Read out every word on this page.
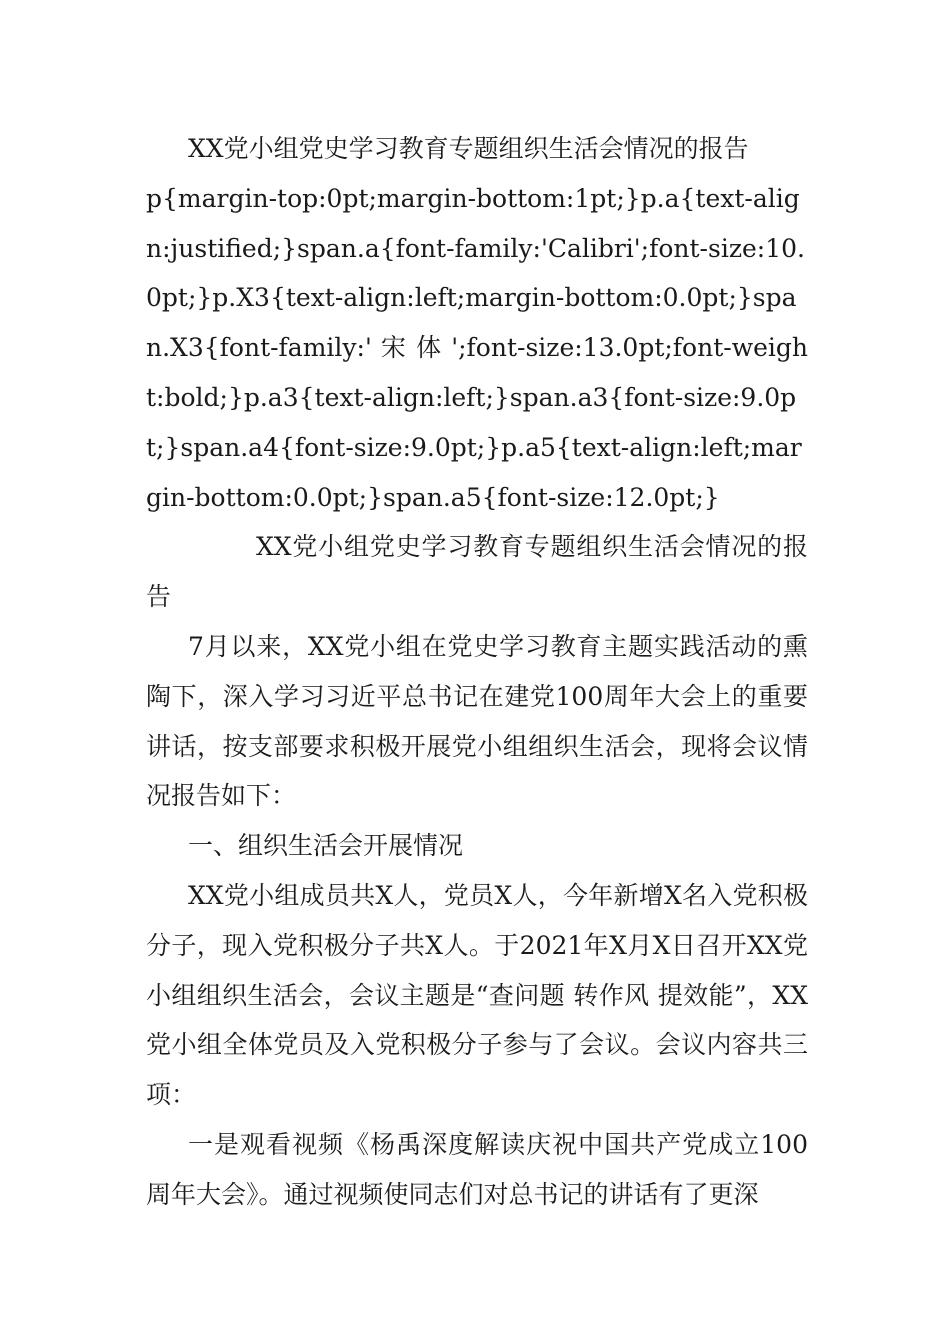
XX党小组党史学习教育专题组织生活会情况的报告

p{margin-top:0pt;margin-bottom:1pt;}p.a{text-align:justified;}span.a{font-family:'Calibri';font-size:10.0pt;}p.X3{text-align:left;margin-bottom:0.0pt;}span.X3{font-family:' 宋 体 ';font-size:13.0pt;font-weight:bold;}p.a3{text-align:left;}span.a3{font-size:9.0pt;}span.a4{font-size:9.0pt;}p.a5{text-align:left;margin-bottom:0.0pt;}span.a5{font-size:12.0pt;}XX党小组党史学习教育专题组织生活会情况的报告

7月以来，XX党小组在党史学习教育主题实践活动的熏陶下，深入学习习近平总书记在建党100周年大会上的重要讲话，按支部要求积极开展党小组组织生活会，现将会议情况报告如下：

一、组织生活会开展情况

XX党小组成员共X人，党员X人，今年新增X名入党积极分子，现入党积极分子共X人。于2021年X月X日召开XX党小组组织生活会，会议主题是“查问题 转作风 提效能”，XX党小组全体党员及入党积极分子参与了会议。会议内容共三项：

一是观看视频《杨禹深度解读庆祝中国共产党成立100周年大会》。通过视频使同志们对总书记的讲话有了更深
